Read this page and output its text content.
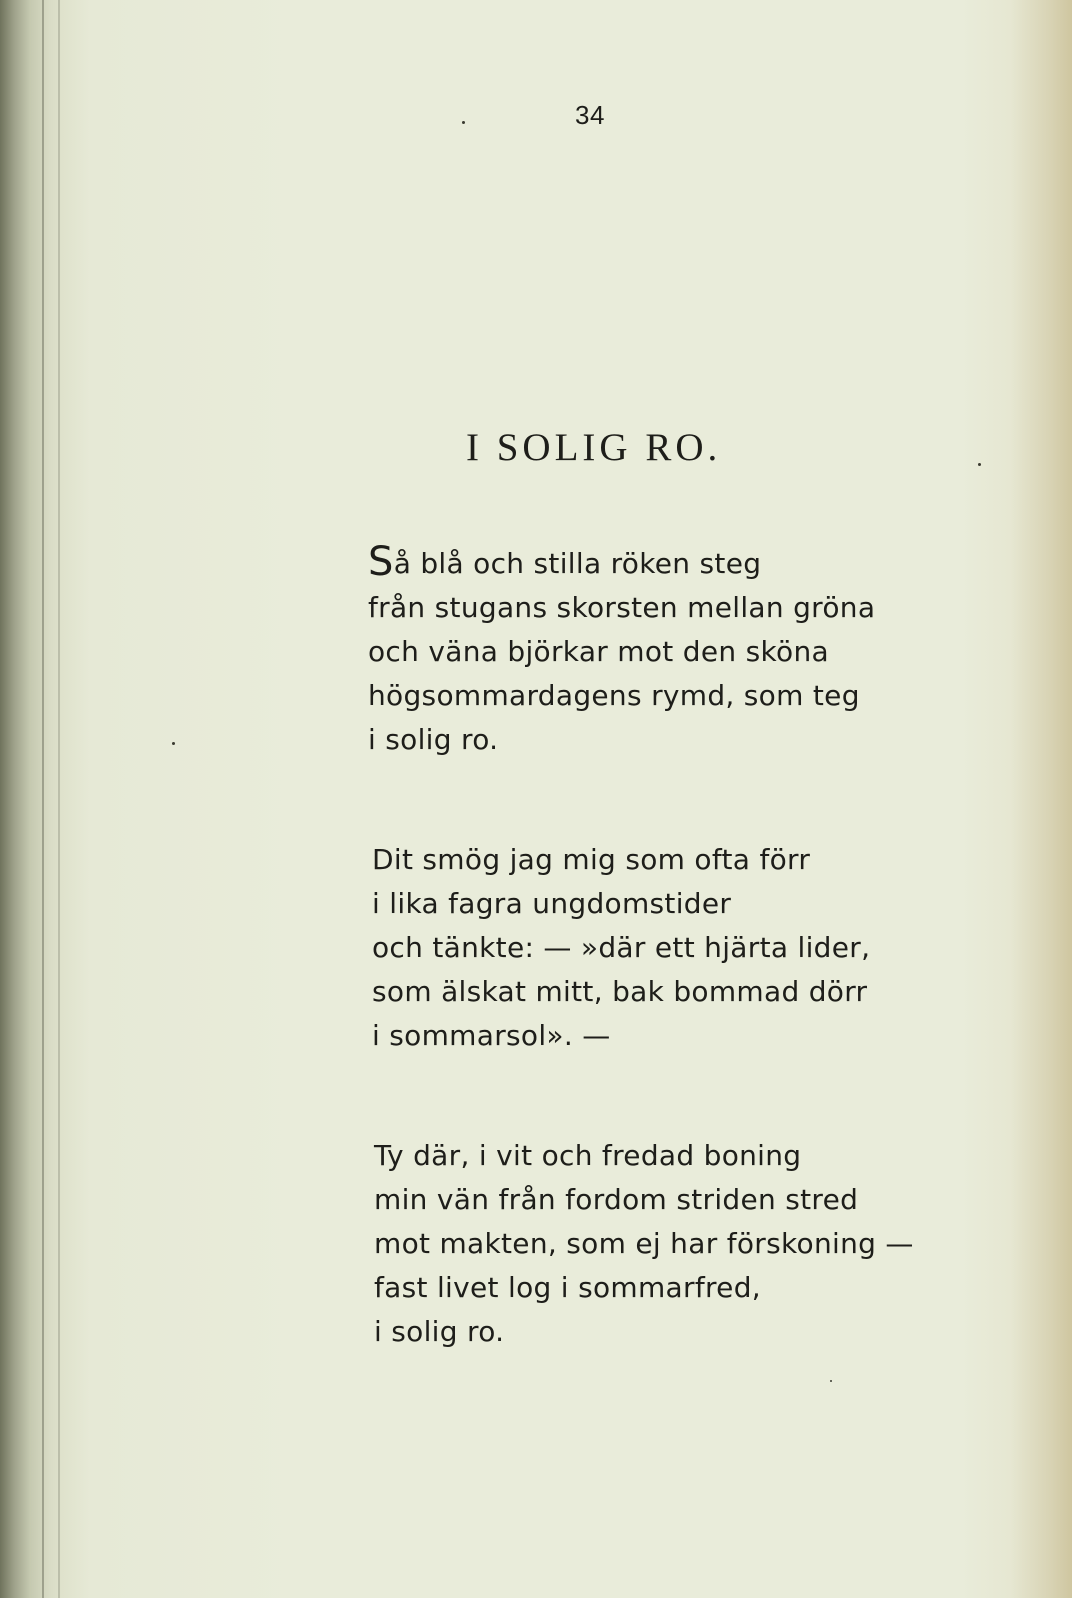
34
I SOLIG RO.

Så blå och stilla röken steg
från stugans skorsten mellan gröna
och väna björkar mot den sköna
högsommardagens rymd, som teg
i solig ro.

Dit smög jag mig som ofta förr
i lika fagra ungdomstider
och tänkte: — »där ett hjärta lider,
som älskat mitt, bak bommad dörr
i sommarsol». —

Ty där, i vit och fredad boning
min vän från fordom striden stred
mot makten, som ej har förskoning —
fast livet log i sommarfred,
i solig ro.
